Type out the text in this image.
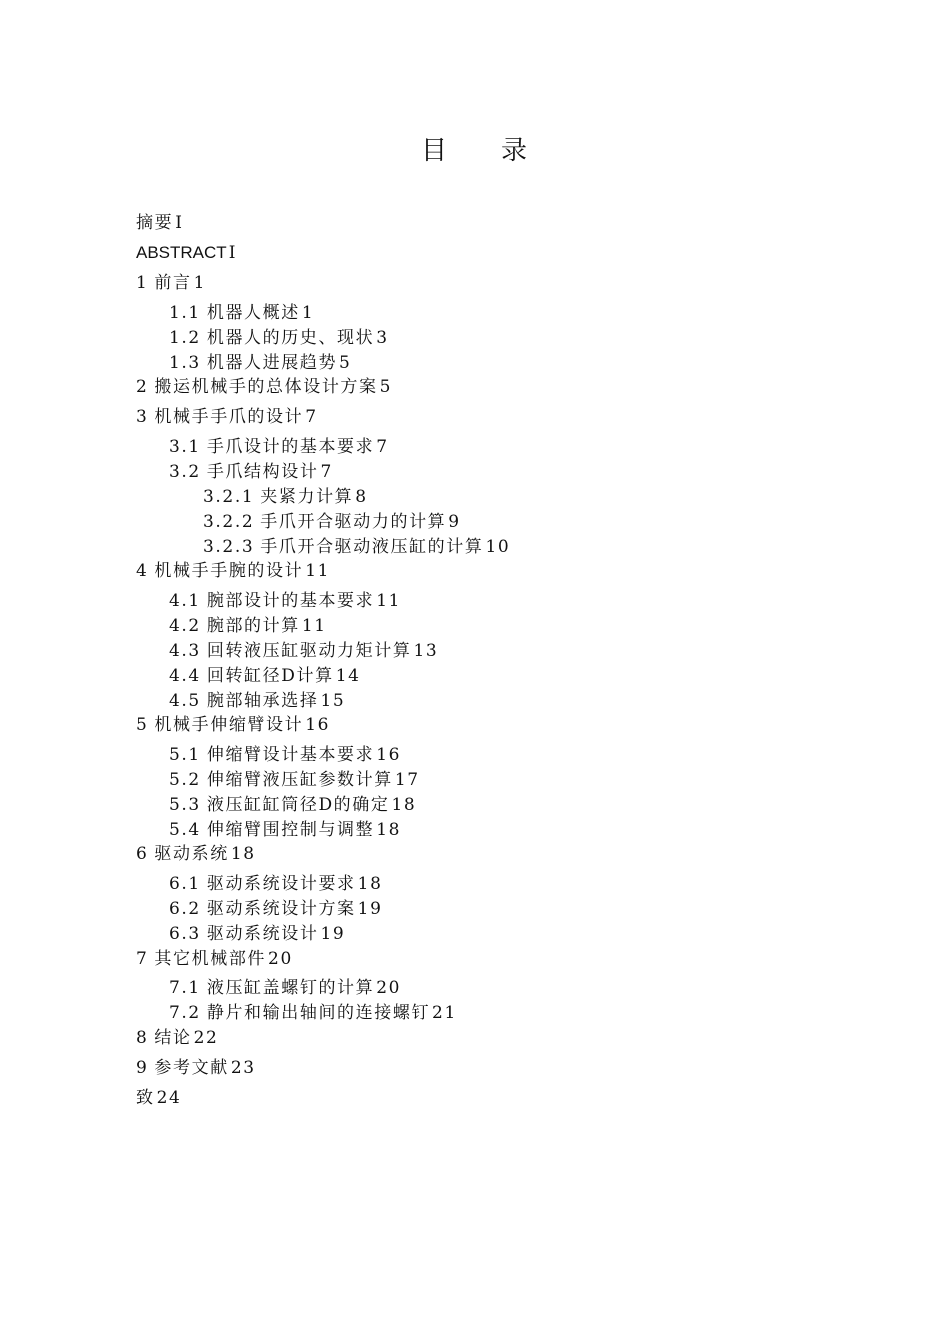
目 录
摘要 I
ABSTRACT I
1 前言 1
1.1 机器人概述 1
1.2 机器人的历史、现状 3
1.3 机器人进展趋势 5
2 搬运机械手的总体设计方案 5
3 机械手手爪的设计 7
3.1 手爪设计的基本要求 7
3.2 手爪结构设计 7
3.2.1 夹紧力计算 8
3.2.2 手爪开合驱动力的计算 9
3.2.3 手爪开合驱动液压缸的计算 10
4 机械手手腕的设计 11
4.1 腕部设计的基本要求 11
4.2 腕部的计算 11
4.3 回转液压缸驱动力矩计算 13
4.4 回转缸径D计算 14
4.5 腕部轴承选择 15
5 机械手伸缩臂设计 16
5.1 伸缩臂设计基本要求 16
5.2 伸缩臂液压缸参数计算 17
5.3 液压缸缸筒径D的确定 18
5.4 伸缩臂围控制与调整 18
6 驱动系统 18
6.1 驱动系统设计要求 18
6.2 驱动系统设计方案 19
6.3 驱动系统设计 19
7 其它机械部件 20
7.1 液压缸盖螺钉的计算 20
7.2 静片和输出轴间的连接螺钉 21
8 结论 22
9 参考文献 23
致 24
